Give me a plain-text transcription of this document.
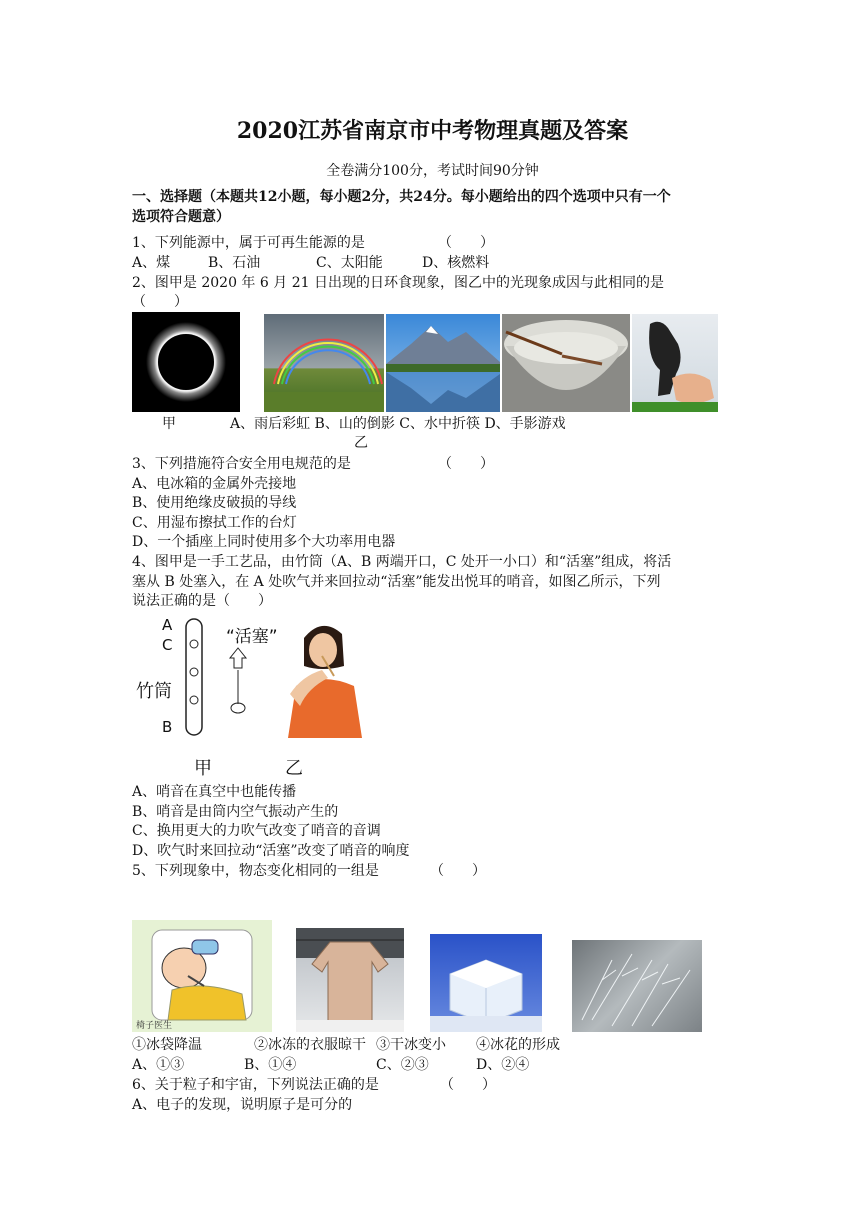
2020江苏省南京市中考物理真题及答案
全卷满分100分，考试时间90分钟
一、选择题（本题共12小题，每小题2分，共24分。每小题给出的四个选项中只有一个
选项符合题意）
1、下列能源中，属于可再生能源的是	（　　）
A、煤	B、石油	C、太阳能	D、核燃料
2、图甲是 2020 年 6 月 21 日出现的日环食现象，图乙中的光现象成因与此相同的是
（　　）
甲	A、雨后彩虹 B、山的倒影 C、水中折筷 D、手影游戏
乙
3、下列措施符合安全用电规范的是	（　　）
A、电冰箱的金属外壳接地
B、使用绝缘皮破损的导线
C、用湿布擦拭工作的台灯
D、一个插座上同时使用多个大功率用电器
4、图甲是一手工艺品，由竹筒（A、B 两端开口，C 处开一小口）和“活塞”组成，将活
塞从 B 处塞入，在 A 处吹气并来回拉动“活塞”能发出悦耳的哨音，如图乙所示，下列
说法正确的是（　　）
A
C
竹筒
B
“活塞”
甲	乙
A、哨音在真空中也能传播
B、哨音是由筒内空气振动产生的
C、换用更大的力吹气改变了哨音的音调
D、吹气时来回拉动“活塞”改变了哨音的响度
5、下列现象中，物态变化相同的一组是	（　　）
椅子医生
①冰袋降温	②冰冻的衣服晾干 ③干冰变小 ④冰花的形成
A、①③	B、①④	C、②③	D、②④
6、关于粒子和宇宙，下列说法正确的是	（　　）
A、电子的发现，说明原子是可分的
